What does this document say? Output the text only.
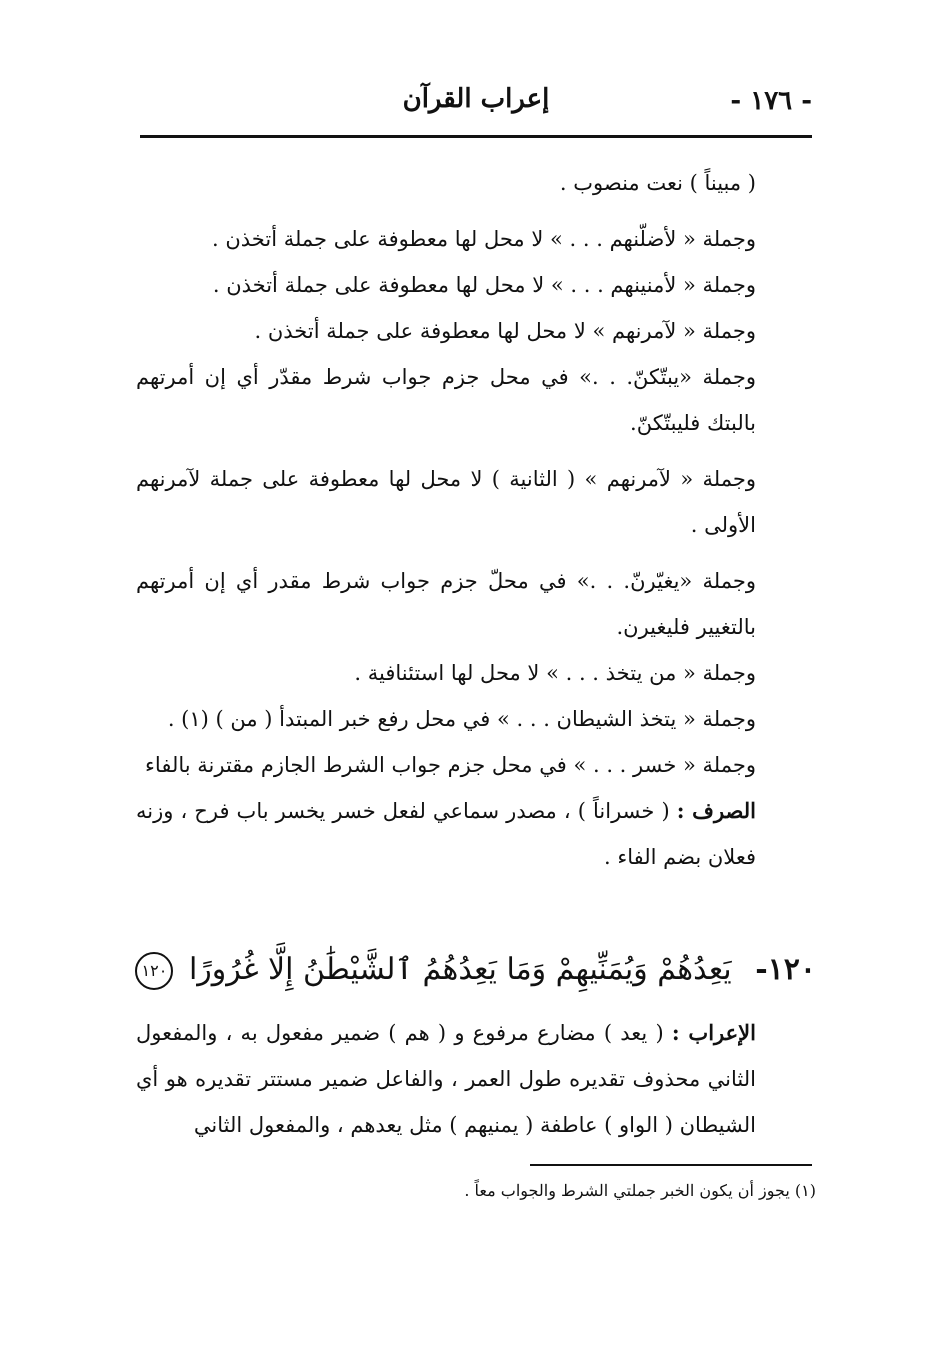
- ١٧٦ -
إعراب القرآن

( مبيناً ) نعت منصوب .

وجملة « لأضلّنهم . . . » لا محل لها معطوفة على جملة أتخذن .

وجملة « لأمنينهم . . . » لا محل لها معطوفة على جملة أتخذن .

وجملة « لآمرنهم » لا محل لها معطوفة على جملة أتخذن .

وجملة «يبتّكنّ. . .» في محل جزم جواب شرط مقدّر أي إن أمرتهم بالبتك فليبتّكنّ.

وجملة « لآمرنهم » ( الثانية ) لا محل لها معطوفة على جملة لآمرنهم الأولى .

وجملة «يغيّرنّ. . .» في محلّ جزم جواب شرط مقدر أي إن أمرتهم بالتغيير فليغيرن.

وجملة « من يتخذ . . . » لا محل لها استئنافية .

وجملة « يتخذ الشيطان . . . » في محل رفع خبر المبتدأ ( من ) (١) .

وجملة « خسر . . . » في محل جزم جواب الشرط الجازم مقترنة بالفاء

الصرف : ( خسراناً ) ، مصدر سماعي لفعل خسر يخسر باب فرح ، وزنه فعلان بضم الفاء .

١٢٠- يَعِدُهُمْ وَيُمَنِّيهِمْ وَمَا يَعِدُهُمُ ٱلشَّيْطَٰنُ إِلَّا غُرُورًا ١٢٠

الإعراب : ( يعد ) مضارع مرفوع و ( هم ) ضمير مفعول به ، والمفعول الثاني محذوف تقديره طول العمر ، والفاعل ضمير مستتر تقديره هو أي الشيطان ( الواو ) عاطفة ( يمنيهم ) مثل يعدهم ، والمفعول الثاني

(١) يجوز أن يكون الخبر جملتي الشرط والجواب معاً .
